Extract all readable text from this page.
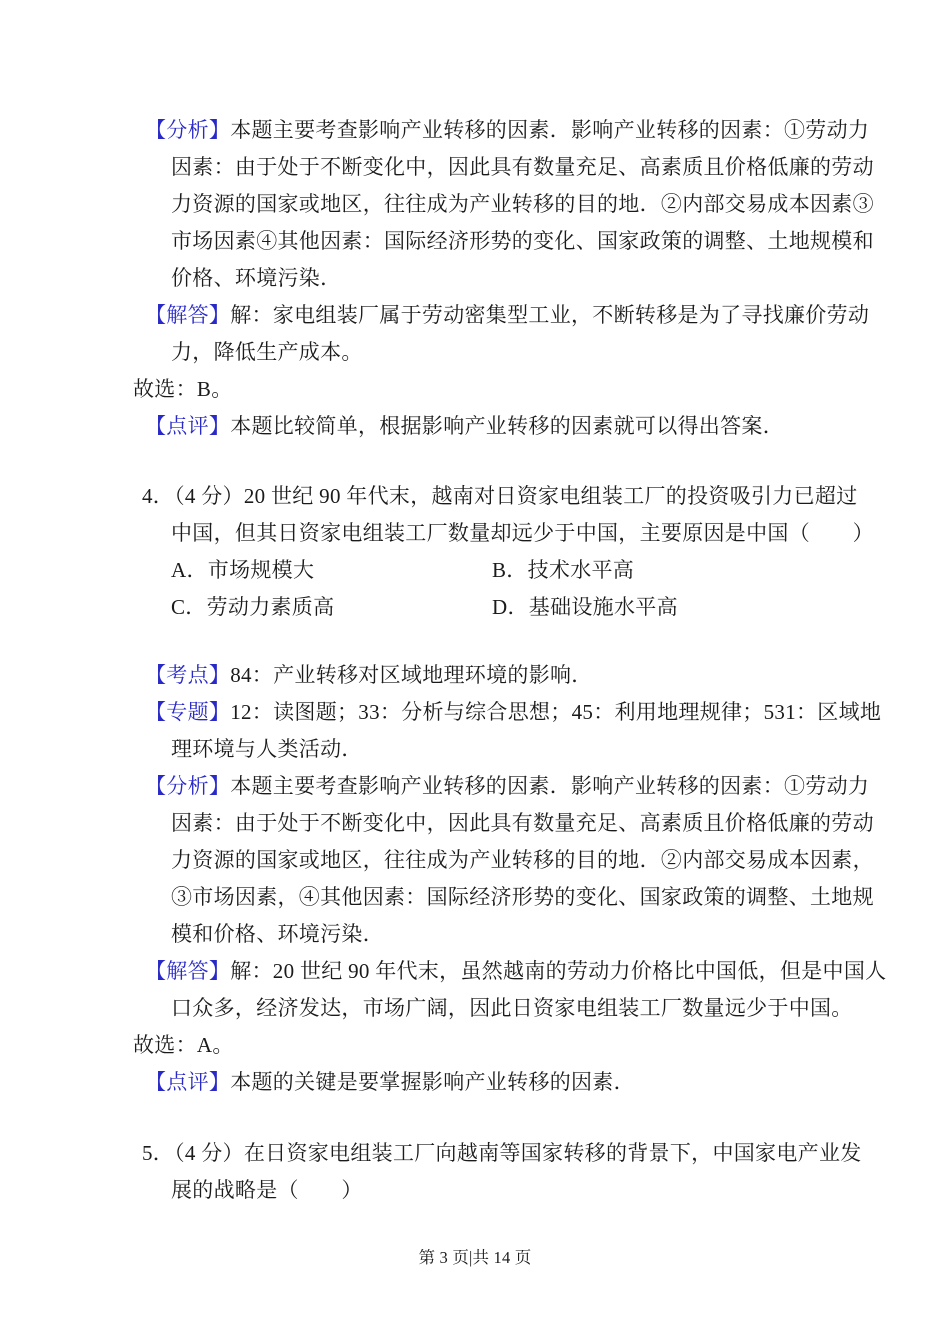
【分析】本题主要考查影响产业转移的因素．影响产业转移的因素：①劳动力
因素：由于处于不断变化中，因此具有数量充足、高素质且价格低廉的劳动
力资源的国家或地区，往往成为产业转移的目的地．②内部交易成本因素③
市场因素④其他因素：国际经济形势的变化、国家政策的调整、土地规模和
价格、环境污染．
【解答】解：家电组装厂属于劳动密集型工业，不断转移是为了寻找廉价劳动
力，降低生产成本。
故选：B。
【点评】本题比较简单，根据影响产业转移的因素就可以得出答案．
4．（4 分）20 世纪 90 年代末，越南对日资家电组装工厂的投资吸引力已超过
中国，但其日资家电组装工厂数量却远少于中国，主要原因是中国（　　）
A．市场规模大	B．技术水平高
C．劳动力素质高	D．基础设施水平高
【考点】84：产业转移对区域地理环境的影响．
【专题】12：读图题；33：分析与综合思想；45：利用地理规律；531：区域地
理环境与人类活动．
【分析】本题主要考查影响产业转移的因素．影响产业转移的因素：①劳动力
因素：由于处于不断变化中，因此具有数量充足、高素质且价格低廉的劳动
力资源的国家或地区，往往成为产业转移的目的地．②内部交易成本因素，
③市场因素，④其他因素：国际经济形势的变化、国家政策的调整、土地规
模和价格、环境污染．
【解答】解：20 世纪 90 年代末，虽然越南的劳动力价格比中国低，但是中国人
口众多，经济发达，市场广阔，因此日资家电组装工厂数量远少于中国。
故选：A。
【点评】本题的关键是要掌握影响产业转移的因素．
5．（4 分）在日资家电组装工厂向越南等国家转移的背景下，中国家电产业发
展的战略是（　　）
第 3 页|共 14 页
